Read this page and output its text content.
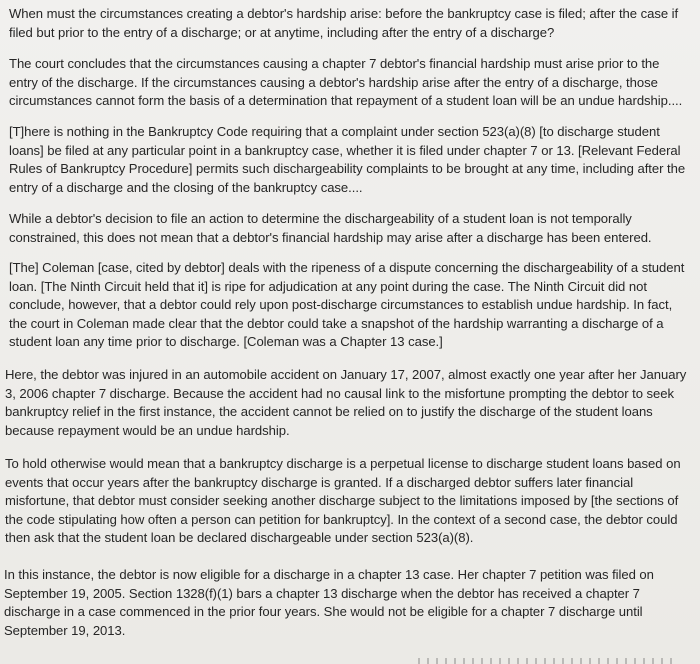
When must the circumstances creating a debtor's hardship arise: before the bankruptcy case is filed; after the case if
filed but prior to the entry of a discharge; or at anytime, including after the entry of a discharge?
The court concludes that the circumstances causing a chapter 7 debtor's financial hardship must arise prior to the
entry of the discharge. If the circumstances causing a debtor's hardship arise after the entry of a discharge, those
circumstances cannot form the basis of a determination that repayment of a student loan will be an undue hardship....
[T]here is nothing in the Bankruptcy Code requiring that a complaint under section 523(a)(8) [to discharge student
loans] be filed at any particular point in a bankruptcy case, whether it is filed under chapter 7 or 13. [Relevant Federal
Rules of Bankruptcy Procedure] permits such dischargeability complaints to be brought at any time, including after the
entry of a discharge and the closing of the bankruptcy case....
While a debtor's decision to file an action to determine the dischargeability of a student loan is not temporally
constrained, this does not mean that a debtor's financial hardship may arise after a discharge has been entered.
[The] Coleman [case, cited by debtor] deals with the ripeness of a dispute concerning the dischargeability of a student
loan. [The Ninth Circuit held that it] is ripe for adjudication at any point during the case. The Ninth Circuit did not
conclude, however, that a debtor could rely upon post-discharge circumstances to establish undue hardship. In fact,
the court in Coleman made clear that the debtor could take a snapshot of the hardship warranting a discharge of a
student loan any time prior to discharge. [Coleman was a Chapter 13 case.]
Here, the debtor was injured in an automobile accident on January 17, 2007, almost exactly one year after her January
3, 2006 chapter 7 discharge. Because the accident had no causal link to the misfortune prompting the debtor to seek
bankruptcy relief in the first instance, the accident cannot be relied on to justify the discharge of the student loans
because repayment would be an undue hardship.
To hold otherwise would mean that a bankruptcy discharge is a perpetual license to discharge student loans based on
events that occur years after the bankruptcy discharge is granted. If a discharged debtor suffers later financial
misfortune, that debtor must consider seeking another discharge subject to the limitations imposed by [the sections of
the code stipulating how often a person can petition for bankruptcy]. In the context of a second case, the debtor could
then ask that the student loan be declared dischargeable under section 523(a)(8).
In this instance, the debtor is now eligible for a discharge in a chapter 13 case. Her chapter 7 petition was filed on
September 19, 2005. Section 1328(f)(1) bars a chapter 13 discharge when the debtor has received a chapter 7
discharge in a case commenced in the prior four years. She would not be eligible for a chapter 7 discharge until
September 19, 2013.
